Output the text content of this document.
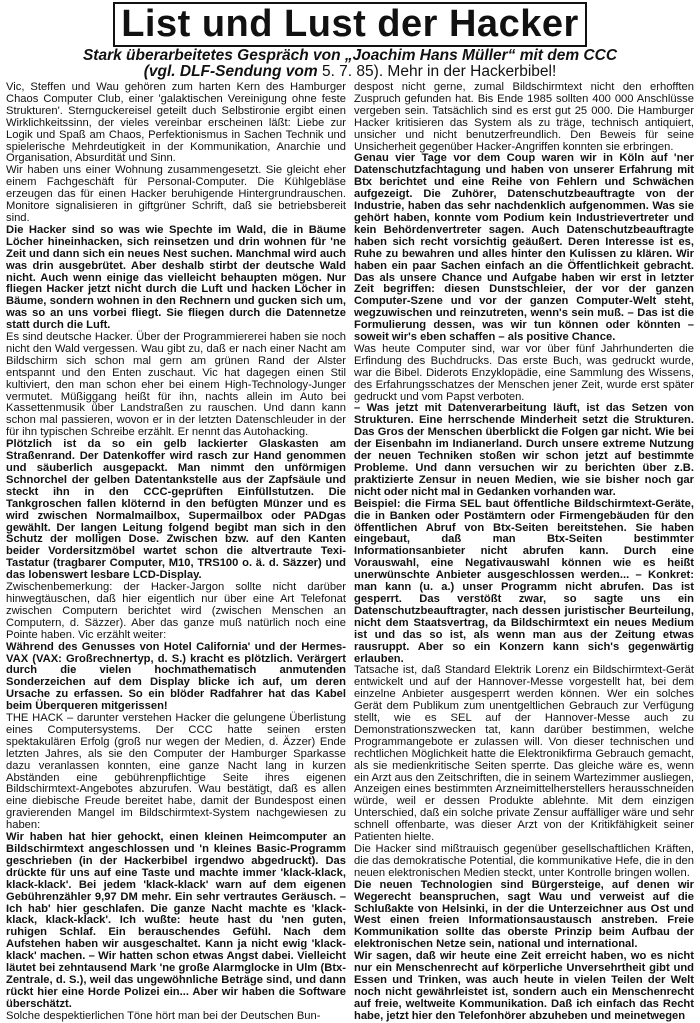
List und Lust der Hacker
Stark überarbeitetes Gespräch von „Joachim Hans Müller“ mit dem CCC
(vgl. DLF-Sendung vom 5. 7. 85). Mehr in der Hackerbibel!

Vic, Steffen und Wau gehören zum harten Kern des Hamburger Chaos Computer Club, einer 'galaktischen Vereinigung ohne feste Strukturen'. Sternguckereisel geteilt duch Selbstironie ergibt einen Wirklichkeitssinn, der vieles vereinbar erscheinen läßt: Liebe zur Logik und Spaß am Chaos, Perfektionismus in Sachen Technik und spielerische Mehrdeutigkeit in der Kommunikation, Anarchie und Organisation, Absurdität und Sinn.

Wir haben uns einer Wohnung zusammengesetzt. Sie gleicht eher einem Fachgeschäft für Personal-Computer. Die Kühlgebläse erzeugen das für einen Hacker beruhigende Hintergrundrauschen. Monitore signalisieren in giftgrüner Schrift, daß sie betriebsbereit sind.

Die Hacker sind so was wie Spechte im Wald, die in Bäume Löcher hineinhacken, sich reinsetzen und drin wohnen für 'ne Zeit und dann sich ein neues Nest suchen. Manchmal wird auch was drin ausgebrütet. Aber deshalb stirbt der deutsche Wald nicht. Auch wenn einige das vielleicht behaupten mögen. Nur fliegen Hacker jetzt nicht durch die Luft und hacken Löcher in Bäume, sondern wohnen in den Rechnern und gucken sich um, was so an uns vorbei fliegt. Sie fliegen durch die Datennetze statt durch die Luft.

Es sind deutsche Hacker. Über der Programmiererei haben sie noch nicht den Wald vergessen. Wau gibt zu, daß er nach einer Nacht am Bildschirm sich schon mal gern am grünen Rand der Alster entspannt und den Enten zuschaut. Vic hat dagegen einen Stil kultiviert, den man schon eher bei einem High-Technology-Junger vermutet. Müßiggang heißt für ihn, nachts allein im Auto bei Kassettenmusik über Landstraßen zu rauschen. Und dann kann schon mal passieren, wovon er in der letzten Datenschleuder in der für ihn typischen Schreibe erzählt. Er nennt das Autohacking.

Plötzlich ist da so ein gelb lackierter Glaskasten am Straßenrand. Der Datenkoffer wird rasch zur Hand genommen und säuberlich ausgepackt. Man nimmt den unförmigen Schnorchel der gelben Datentankstelle aus der Zapfsäule und steckt ihn in den CCC-geprüften Einfüllstutzen. Die Tankgroschen fallen klöternd in den befügten Münzer und es wird zwischen Normalmailbox, Supermailbox oder PADgas gewählt. Der langen Leitung folgend begibt man sich in den Schutz der molligen Dose. Zwischen bzw. auf den Kanten beider Vordersitzmöbel wartet schon die altvertraute Texi-Tastatur (tragbarer Computer, M10, TRS100 o. ä. d. Säzzer) und das lobenswert lesbare LCD-Display.

Zwischenbemerkung: der Hacker-Jargon sollte nicht darüber hinwegtäuschen, daß hier eigentlich nur über eine Art Telefonat zwischen Computern berichtet wird (zwischen Menschen an Computern, d. Säzzer). Aber das ganze muß natürlich noch eine Pointe haben. Vic erzählt weiter:

Während des Genusses von Hotel California' und der Hermes-VAX (VAX: Großrechnertyp, d. S.) kracht es plötzlich. Verärgert durch die vielen hochmathematisch anmutenden Sonderzeichen auf dem Display blicke ich auf, um deren Ursache zu erfassen. So ein blöder Radfahrer hat das Kabel beim Überqueren mitgerissen!

THE HACK – darunter verstehen Hacker die gelungene Überlistung eines Computersystems. Der CCC hatte seinen ersten spektakulären Erfolg (groß nur wegen der Medien, d. Äzzer) Ende letzten Jahres, als sie den Computer der Hamburger Sparkasse dazu veranlassen konnten, eine ganze Nacht lang in kurzen Abständen eine gebührenpflichtige Seite ihres eigenen Bildschirmtext-Angebotes abzurufen. Wau bestätigt, daß es allen eine diebische Freude bereitet habe, damit der Bundespost einen gravierenden Mangel im Bildschirmtext-System nachgewiesen zu haben:

Wir haben hat hier gehockt, einen kleinen Heimcomputer an Bildschirmtext angeschlossen und 'n kleines Basic-Programm geschrieben (in der Hackerbibel irgendwo abgedruckt). Das drückte für uns auf eine Taste und machte immer 'klack-klack, klack-klack'. Bei jedem 'klack-klack' warn auf dem eigenen Gebührenzähler 9,97 DM mehr. Ein sehr vertrautes Geräusch. – Ich hab' hier geschlafen. Die ganze Nacht machte es 'klack-klack, klack-klack'. Ich wußte: heute hast du 'nen guten, ruhigen Schlaf. Ein berauschendes Gefühl. Nach dem Aufstehen haben wir ausgeschaltet. Kann ja nicht ewig 'klack-klack' machen. – Wir hatten schon etwas Angst dabei. Vielleicht läutet bei zehntausend Mark 'ne große Alarmglocke in Ulm (Btx-Zentrale, d. S.), weil das ungewöhnliche Beträge sind, und dann rückt hier eine Horde Polizei ein... Aber wir haben die Software überschätzt.

Solche despektierlichen Töne hört man bei der Deutschen Bun-

despost nicht gerne, zumal Bildschirmtext nicht den erhofften Zuspruch gefunden hat. Bis Ende 1985 sollten 400 000 Anschlüsse vergeben sein. Tatsächlich sind es erst gut 25 000. Die Hamburger Hacker kritisieren das System als zu träge, technisch antiquiert, unsicher und nicht benutzerfreundlich. Den Beweis für seine Unsicherheit gegenüber Hacker-Angriffen konnten sie erbringen.

Genau vier Tage vor dem Coup waren wir in Köln auf 'ner Datenschutzfachtagung und haben von unserer Erfahrung mit Btx berichtet und eine Reihe von Fehlern und Schwächen aufgezeigt. Die Zuhörer, Datenschutzbeauftragte von der Industrie, haben das sehr nachdenklich aufgenommen. Was sie gehört haben, konnte vom Podium kein Industrievertreter und kein Behördenvertreter sagen. Auch Datenschutzbeauftragte haben sich recht vorsichtig geäußert. Deren Interesse ist es, Ruhe zu bewahren und alles hinter den Kulissen zu klären. Wir haben ein paar Sachen einfach an die Öffentlichkeit gebracht. Das als unsere Chance und Aufgabe haben wir erst in letzter Zeit begriffen: diesen Dunstschleier, der vor der ganzen Computer-Szene und vor der ganzen Computer-Welt steht, wegzuwischen und reinzutreten, wenn's sein muß. – Das ist die Formulierung dessen, was wir tun können oder könnten – soweit wir's eben schaffen – als positive Chance.

Was heute Computer sind, war vor über fünf Jahrhunderten die Erfindung des Buchdrucks. Das erste Buch, was gedruckt wurde, war die Bibel. Diderots Enzyklopädie, eine Sammlung des Wissens, des Erfahrungsschatzes der Menschen jener Zeit, wurde erst später gedruckt und vom Papst verboten.

– Was jetzt mit Datenverarbeitung läuft, ist das Setzen von Strukturen. Eine herrschende Minderheit setzt die Strukturen. Das Gros der Menschen überblickt die Folgen gar nicht. Wie bei der Eisenbahn im Indianerland. Durch unsere extreme Nutzung der neuen Techniken stoßen wir schon jetzt auf bestimmte Probleme. Und dann versuchen wir zu berichten über z.B. praktizierte Zensur in neuen Medien, wie sie bisher noch gar nicht oder nicht mal in Gedanken vorhanden war.

Beispiel: die Firma SEL baut öffentliche Bildschirmtext-Geräte, die in Banken oder Postämtern oder Firmengebäuden für den öffentlichen Abruf von Btx-Seiten bereitstehen. Sie haben eingebaut, daß man Btx-Seiten bestimmter Informationsanbieter nicht abrufen kann. Durch eine Vorauswahl, eine Negativauswahl können wie es heißt unerwünschte Anbieter ausgeschlossen werden... – Konkret: man kann (u. a.) unser Programm nicht abrufen. Das ist gesperrt. Das verstößt zwar, so sagte uns ein Datenschutzbeauftragter, nach dessen juristischer Beurteilung, nicht dem Staatsvertrag, da Bildschirmtext ein neues Medium ist und das so ist, als wenn man aus der Zeitung etwas rausruppt. Aber so ein Konzern kann sich's gegenwärtig erlauben.

Tatsache ist, daß Standard Elektrik Lorenz ein Bildschirmtext-Gerät entwickelt und auf der Hannover-Messe vorgestellt hat, bei dem einzelne Anbieter ausgesperrt werden können. Wer ein solches Gerät dem Publikum zum unentgeltlichen Gebrauch zur Verfügung stellt, wie es SEL auf der Hannover-Messe auch zu Demonstrationszwecken tat, kann darüber bestimmen, welche Programmangebote er zulassen will. Von dieser technischen und rechtlichen Möglichkeit hatte die Elektronikfirma Gebrauch gemacht, als sie medienkritische Seiten sperrte. Das gleiche wäre es, wenn ein Arzt aus den Zeitschriften, die in seinem Wartezimmer ausliegen, Anzeigen eines bestimmten Arzneimittelherstellers herausschneiden würde, weil er dessen Produkte ablehnte. Mit dem einzigen Unterschied, daß ein solche private Zensur auffälliger wäre und sehr schnell offenbarte, was dieser Arzt von der Kritikfähigkeit seiner Patienten hielte.

Die Hacker sind mißtrauisch gegenüber gesellschaftlichen Kräften, die das demokratische Potential, die kommunikative Hefe, die in den neuen elektronischen Medien steckt, unter Kontrolle bringen wollen.

Die neuen Technologien sind Bürgersteige, auf denen wir Wegerecht beanspruchen, sagt Wau und verweist auf die Schlußakte von Helsinki, in der die Unterzeichner aus Ost und West einen freien Informationsaustausch anstreben. Freie Kommunikation sollte das oberste Prinzip beim Aufbau der elektronischen Netze sein, national und international.

Wir sagen, daß wir heute eine Zeit erreicht haben, wo es nicht nur ein Menschenrecht auf körperliche Unversehrtheit gibt und Essen und Trinken, was auch heute in vielen Teilen der Welt noch nicht gewährleistet ist, sondern auch ein Menschenrecht auf freie, weltweite Kommunikation. Daß ich einfach das Recht habe, jetzt hier den Telefonhörer abzuheben und meinetwegen
